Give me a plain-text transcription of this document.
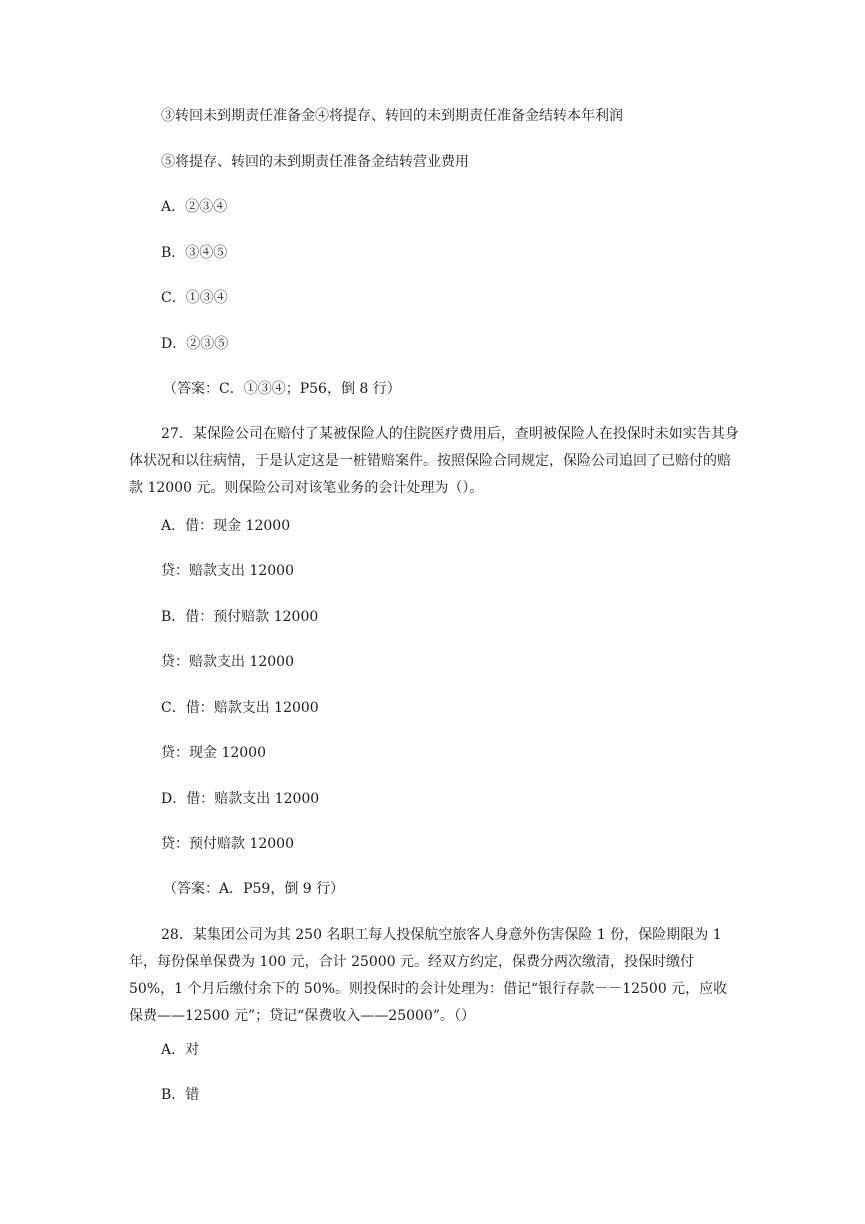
③转回未到期责任准备金④将提存、转回的未到期责任准备金结转本年利润
⑤将提存、转回的未到期责任准备金结转营业费用
A．②③④
B．③④⑤
C．①③④
D．②③⑤
（答案：C．①③④；P56，倒 8 行）
27．某保险公司在赔付了某被保险人的住院医疗费用后，查明被保险人在投保时未如实告其身体状况和以往病情，于是认定这是一桩错赔案件。按照保险合同规定，保险公司追回了已赔付的赔款 12000 元。则保险公司对该笔业务的会计处理为（）。
A．借：现金 12000
贷：赔款支出 12000
B．借：预付赔款 12000
贷：赔款支出 12000
C．借：赔款支出 12000
贷：现金 12000
D．借：赔款支出 12000
贷：预付赔款 12000
（答案：A．P59，倒 9 行）
28．某集团公司为其 250 名职工每人投保航空旅客人身意外伤害保险 1 份，保险期限为 1 年，每份保单保费为 100 元，合计 25000 元。经双方约定，保费分两次缴清，投保时缴付 50%，1 个月后缴付余下的 50%。则投保时的会计处理为：借记“银行存款－－12500 元，应收保费——12500 元”；贷记“保费收入——25000”。（）
A．对
B．错
